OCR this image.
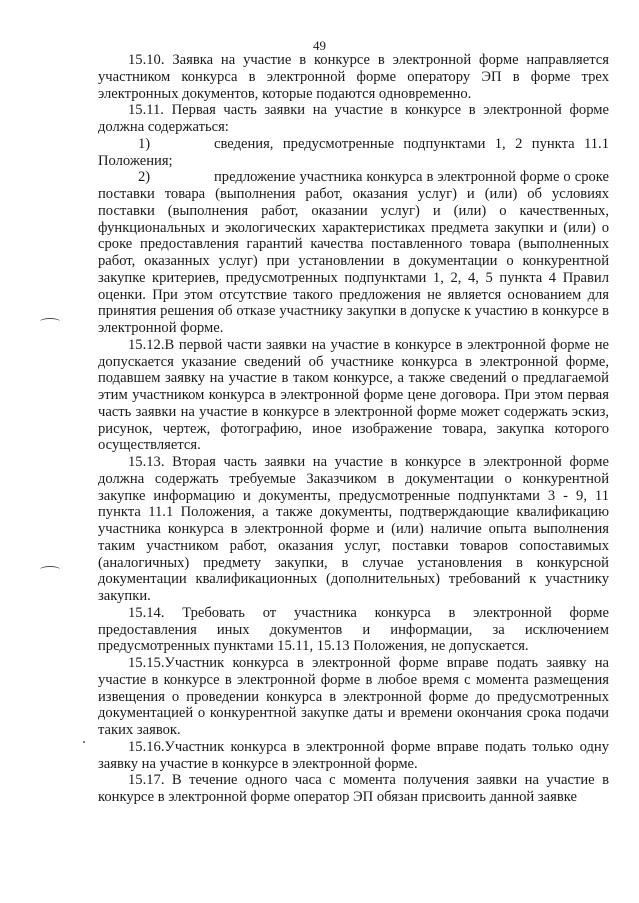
49

15.10. Заявка на участие в конкурсе в электронной форме направляется участником конкурса в электронной форме оператору ЭП в форме трех электронных документов, которые подаются одновременно.

15.11. Первая часть заявки на участие в конкурсе в электронной форме должна содержаться:

1)	сведения, предусмотренные подпунктами 1, 2 пункта 11.1 Положения;

2)	предложение участника конкурса в электронной форме о сроке поставки товара (выполнения работ, оказания услуг) и (или) об условиях поставки (выполнения работ, оказании услуг) и (или) о качественных, функциональных и экологических характеристиках предмета закупки и (или) о сроке предоставления гарантий качества поставленного товара (выполненных работ, оказанных услуг) при установлении в документации о конкурентной закупке критериев, предусмотренных подпунктами 1, 2, 4, 5 пункта 4 Правил оценки. При этом отсутствие такого предложения не является основанием для принятия решения об отказе участнику закупки в допуске к участию в конкурсе в электронной форме.

15.12.В первой части заявки на участие в конкурсе в электронной форме не допускается указание сведений об участнике конкурса в электронной форме, подавшем заявку на участие в таком конкурсе, а также сведений о предлагаемой этим участником конкурса в электронной форме цене договора. При этом первая часть заявки на участие в конкурсе в электронной форме может содержать эскиз, рисунок, чертеж, фотографию, иное изображение товара, закупка которого осуществляется.

15.13. Вторая часть заявки на участие в конкурсе в электронной форме должна содержать требуемые Заказчиком в документации о конкурентной закупке информацию и документы, предусмотренные подпунктами 3 - 9, 11 пункта 11.1 Положения, а также документы, подтверждающие квалификацию участника конкурса в электронной форме и (или) наличие опыта выполнения таким участником работ, оказания услуг, поставки товаров сопоставимых (аналогичных) предмету закупки, в случае установления в конкурсной документации квалификационных (дополнительных) требований к участнику закупки.

15.14. Требовать от участника конкурса в электронной форме предоставления иных документов и информации, за исключением предусмотренных пунктами 15.11, 15.13 Положения, не допускается.

15.15.Участник конкурса в электронной форме вправе подать заявку на участие в конкурсе в электронной форме в любое время с момента размещения извещения о проведении конкурса в электронной форме до предусмотренных документацией о конкурентной закупке даты и времени окончания срока подачи таких заявок.

15.16.Участник конкурса в электронной форме вправе подать только одну заявку на участие в конкурсе в электронной форме.

15.17. В течение одного часа с момента получения заявки на участие в конкурсе в электронной форме оператор ЭП обязан присвоить данной заявке
